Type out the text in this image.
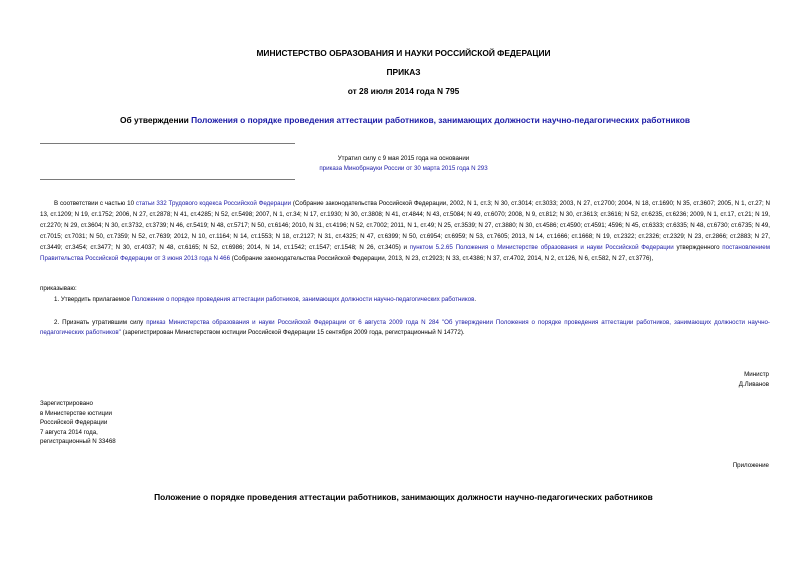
МИНИСТЕРСТВО ОБРАЗОВАНИЯ И НАУКИ РОССИЙСКОЙ ФЕДЕРАЦИИ
ПРИКАЗ
от 28 июля 2014 года N 795
Об утверждении Положения о порядке проведения аттестации работников, занимающих должности научно-педагогических работников
Утратил силу с 9 мая 2015 года на основании
приказа Минобрнауки России от 30 марта 2015 года N 293
В соответствии с частью 10 статьи 332 Трудового кодекса Российской Федерации (Собрание законодательства Российской Федерации, 2002, N 1, ст.3; N 30, ст.3014; ст.3033; 2003, N 27, ст.2700; 2004, N 18, ст.1690; N 35, ст.3607; 2005, N 1, ст.27; N 13, ст.1209; N 19, ст.1752; 2006, N 27, ст.2878; N 41, ст.4285; N 52, ст.5498; 2007, N 1, ст.34; N 17, ст.1930; N 30, ст.3808; N 41, ст.4844; N 43, ст.5084; N 49, ст.6070; 2008, N 9, ст.812; N 30, ст.3613; ст.3616; N 52, ст.6235, ст.6236; 2009, N 1, ст.17, ст.21; N 19, ст.2270; N 29, ст.3604; N 30, ст.3732, ст.3739; N 46, ст.5419; N 48, ст.5717; N 50, ст.6146; 2010, N 31, ст.4196; N 52, ст.7002; 2011, N 1, ст.49; N 25, ст.3539; N 27, ст.3880; N 30, ст.4586; ст.4590; ст.4591; 4596; N 45, ст.6333; ст.6335; N 48, ст.6730; ст.6735; N 49, ст.7015; ст.7031; N 50, ст.7359; N 52, ст.7639; 2012, N 10, ст.1164; N 14, ст.1553; N 18, ст.2127; N 31, ст.4325; N 47, ст.6399; N 50, ст.6954; ст.6959; N 53, ст.7605; 2013, N 14, ст.1666; ст.1668; N 19, ст.2322; ст.2326; ст.2329; N 23, ст.2866; ст.2883; N 27, ст.3449; ст.3454; ст.3477; N 30, ст.4037; N 48, ст.6165; N 52, ст.6986; 2014, N 14, ст.1542; ст.1547; ст.1548; N 26, ст.3405) и пунктом 5.2.65 Положения о Министерстве образования и науки Российской Федерации утвержденного постановлением Правительства Российской Федерации от 3 июня 2013 года N 466 (Собрание законодательства Российской Федерации, 2013, N 23, ст.2923; N 33, ст.4386; N 37, ст.4702, 2014, N 2, ст.126, N 6, ст.582, N 27, ст.3776),
приказываю:
1. Утвердить прилагаемое Положение о порядке проведения аттестации работников, занимающих должности научно-педагогических работников.
2. Признать утратившим силу приказ Министерства образования и науки Российской Федерации от 6 августа 2009 года N 284 "Об утверждении Положения о порядке проведения аттестации работников, занимающих должности научно-педагогических работников" (зарегистрирован Министерством юстиции Российской Федерации 15 сентября 2009 года, регистрационный N 14772).
Министр
Д.Ливанов
Зарегистрировано
в Министерстве юстиции
Российской Федерации
7 августа 2014 года,
регистрационный N 33468
Приложение
Положение о порядке проведения аттестации работников, занимающих должности научно-педагогических работников
